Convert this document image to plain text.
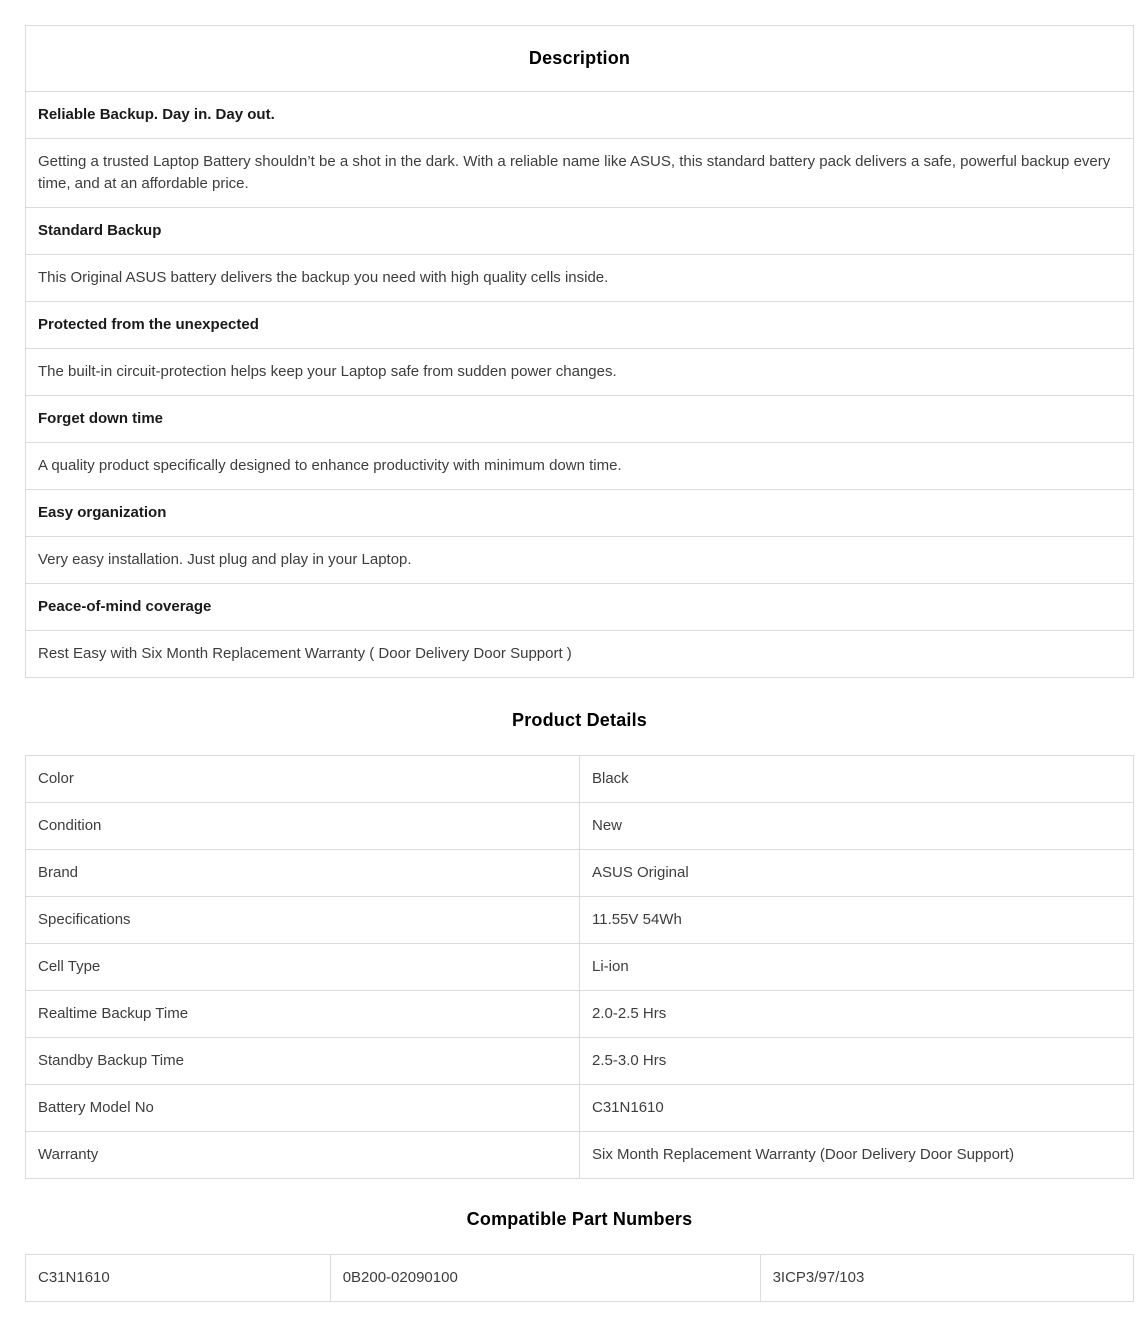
Description
Reliable Backup. Day in. Day out.
Getting a trusted Laptop Battery shouldn’t be a shot in the dark. With a reliable name like ASUS, this standard battery pack delivers a safe, powerful backup every time, and at an affordable price.
Standard Backup
This Original ASUS battery delivers the backup you need with high quality cells inside.
Protected from the unexpected
The built-in circuit-protection helps keep your Laptop safe from sudden power changes.
Forget down time
A quality product specifically designed to enhance productivity with minimum down time.
Easy organization
Very easy installation. Just plug and play in your Laptop.
Peace-of-mind coverage
Rest Easy with Six Month Replacement Warranty ( Door Delivery Door Support )
Product Details
Color	Black
Condition	New
Brand	ASUS Original
Specifications	11.55V 54Wh
Cell Type	Li-ion
Realtime Backup Time	2.0-2.5 Hrs
Standby Backup Time	2.5-3.0 Hrs
Battery Model No	C31N1610
Warranty	Six Month Replacement Warranty (Door Delivery Door Support)
Compatible Part Numbers
C31N1610	0B200-02090100	3ICP3/97/103
